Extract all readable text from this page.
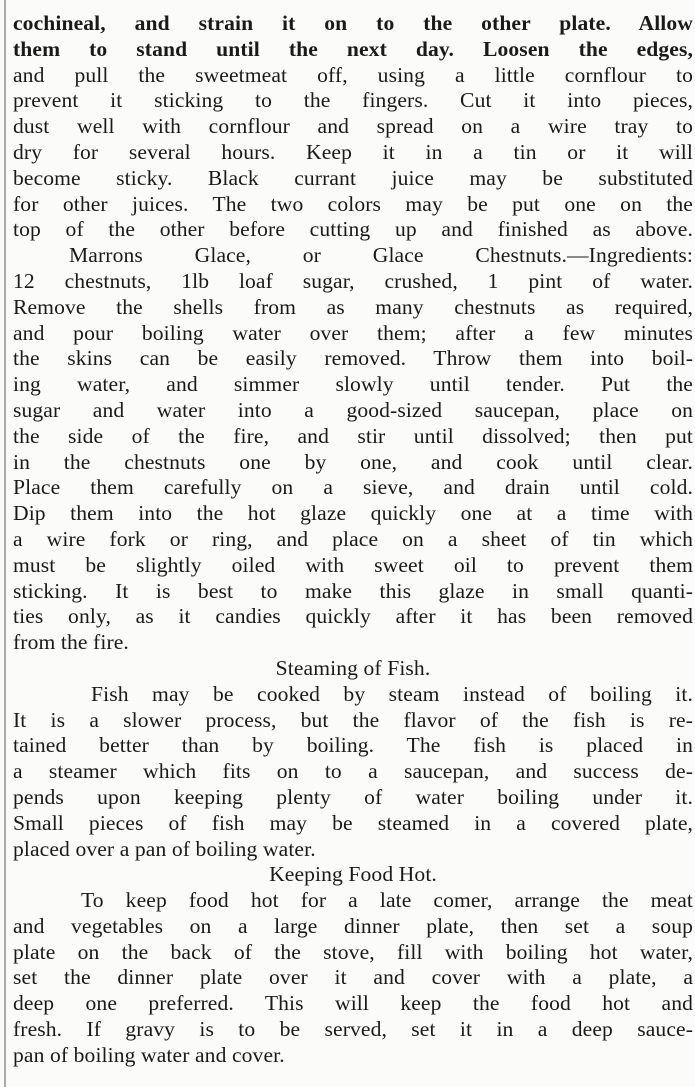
cochineal, and strain it on to the other plate. Allow
them to stand until the next day. Loosen the edges,
and pull the sweetmeat off, using a little cornflour to
prevent it sticking to the fingers. Cut it into pieces,
dust well with cornflour and spread on a wire tray to
dry for several hours. Keep it in a tin or it will
become sticky. Black currant juice may be substituted
for other juices. The two colors may be put one on the
top of the other before cutting up and finished as above.
Marrons Glace, or Glace Chestnuts.—Ingredients:
12 chestnuts, 1lb loaf sugar, crushed, 1 pint of water.
Remove the shells from as many chestnuts as required,
and pour boiling water over them; after a few minutes
the skins can be easily removed. Throw them into boil-
ing water, and simmer slowly until tender. Put the
sugar and water into a good-sized saucepan, place on
the side of the fire, and stir until dissolved; then put
in the chestnuts one by one, and cook until clear.
Place them carefully on a sieve, and drain until cold.
Dip them into the hot glaze quickly one at a time with
a wire fork or ring, and place on a sheet of tin which
must be slightly oiled with sweet oil to prevent them
sticking. It is best to make this glaze in small quanti-
ties only, as it candies quickly after it has been removed
from the fire.
Steaming of Fish.
Fish may be cooked by steam instead of boiling it.
It is a slower process, but the flavor of the fish is re-
tained better than by boiling. The fish is placed in
a steamer which fits on to a saucepan, and success de-
pends upon keeping plenty of water boiling under it.
Small pieces of fish may be steamed in a covered plate,
placed over a pan of boiling water.
Keeping Food Hot.
To keep food hot for a late comer, arrange the meat
and vegetables on a large dinner plate, then set a soup
plate on the back of the stove, fill with boiling hot water,
set the dinner plate over it and cover with a plate, a
deep one preferred. This will keep the food hot and
fresh. If gravy is to be served, set it in a deep sauce-
pan of boiling water and cover.
